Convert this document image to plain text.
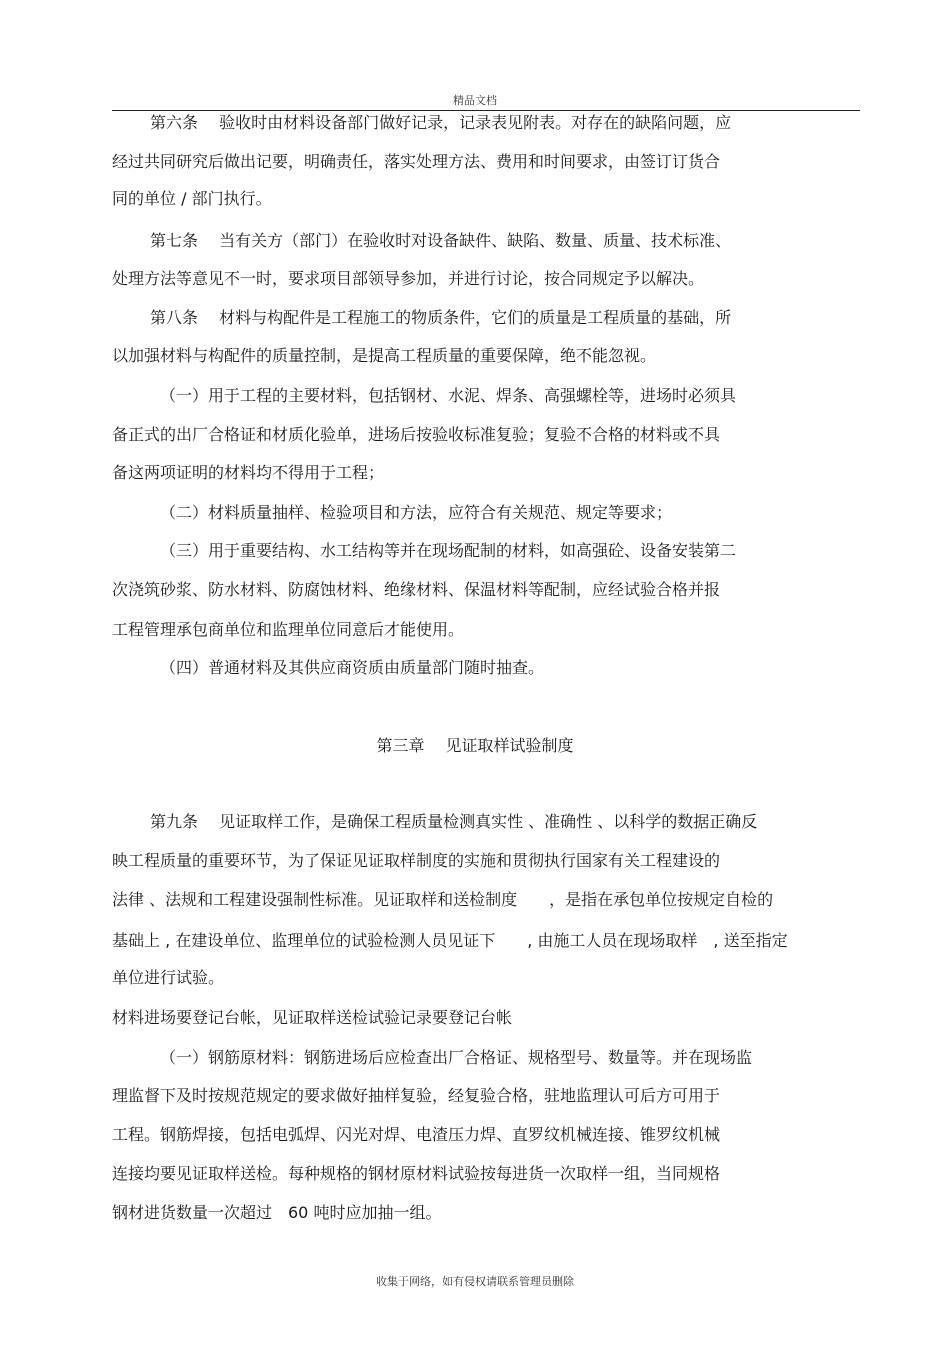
精品文档
第六条　 验收时由材料设备部门做好记录，记录表见附表。对存在的缺陷问题，应
经过共同研究后做出记要，明确责任，落实处理方法、费用和时间要求，由签订订货合
同的单位 / 部门执行。
第七条　 当有关方（部门）在验收时对设备缺件、缺陷、数量、质量、技术标准、
处理方法等意见不一时，要求项目部领导参加，并进行讨论，按合同规定予以解决。
第八条　 材料与构配件是工程施工的物质条件，它们的质量是工程质量的基础，所
以加强材料与构配件的质量控制，是提高工程质量的重要保障，绝不能忽视。
（一）用于工程的主要材料，包括钢材、水泥、焊条、高强螺栓等，进场时必须具
备正式的出厂合格证和材质化验单，进场后按验收标准复验；复验不合格的材料或不具
备这两项证明的材料均不得用于工程；
（二）材料质量抽样、检验项目和方法，应符合有关规范、规定等要求；
（三）用于重要结构、水工结构等并在现场配制的材料，如高强砼、设备安装第二
次浇筑砂浆、防水材料、防腐蚀材料、绝缘材料、保温材料等配制，应经试验合格并报
工程管理承包商单位和监理单位同意后才能使用。
（四）普通材料及其供应商资质由质量部门随时抽查。
第三章　 见证取样试验制度
第九条　 见证取样工作，是确保工程质量检测真实性 、准确性 、以科学的数据正确反
映工程质量的重要环节，为了保证见证取样制度的实施和贯彻执行国家有关工程建设的
法律 、法规和工程建设强制性标准。见证取样和送检制度　　，是指在承包单位按规定自检的
基础上 , 在建设单位、监理单位的试验检测人员见证下　　, 由施工人员在现场取样　, 送至指定
单位进行试验。
材料进场要登记台帐，见证取样送检试验记录要登记台帐
（一）钢筋原材料：钢筋进场后应检查出厂合格证、规格型号、数量等。并在现场监
理监督下及时按规范规定的要求做好抽样复验，经复验合格，驻地监理认可后方可用于
工程。钢筋焊接，包括电弧焊、闪光对焊、电渣压力焊、直罗纹机械连接、锥罗纹机械
连接均要见证取样送检。每种规格的钢材原材料试验按每进货一次取样一组，当同规格
钢材进货数量一次超过　60 吨时应加抽一组。
收集于网络，如有侵权请联系管理员删除
